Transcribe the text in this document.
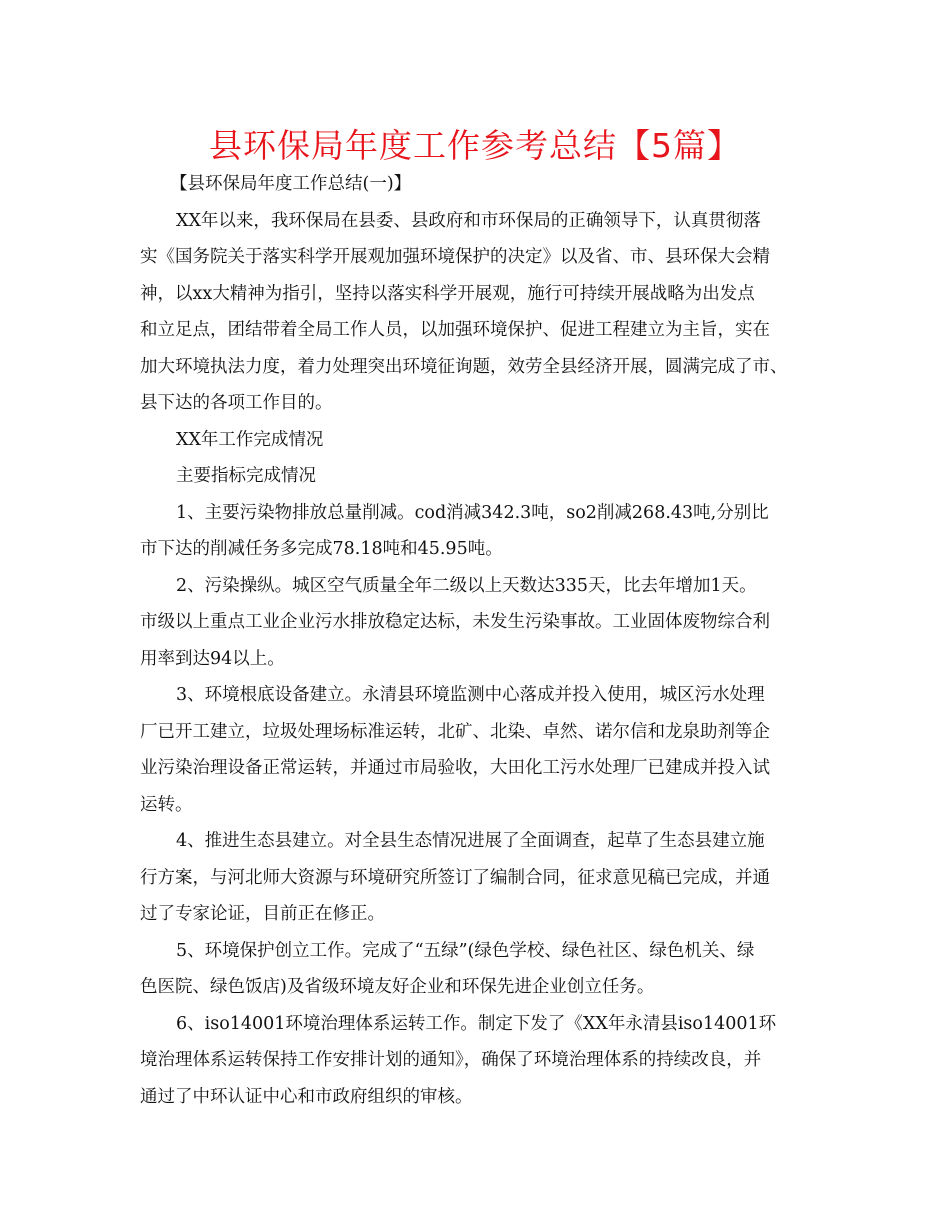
县环保局年度工作参考总结【5篇】

【县环保局年度工作总结(一)】

XX年以来，我环保局在县委、县政府和市环保局的正确领导下，认真贯彻落

实《国务院关于落实科学开展观加强环境保护的决定》以及省、市、县环保大会精

神，以xx大精神为指引，坚持以落实科学开展观，施行可持续开展战略为出发点

和立足点，团结带着全局工作人员，以加强环境保护、促进工程建立为主旨，实在

加大环境执法力度，着力处理突出环境征询题，效劳全县经济开展，圆满完成了市、

县下达的各项工作目的。

XX年工作完成情况

主要指标完成情况

1、主要污染物排放总量削减。cod消减342.3吨，so2削减268.43吨,分别比

市下达的削减任务多完成78.18吨和45.95吨。

2、污染操纵。城区空气质量全年二级以上天数达335天，比去年增加1天。

市级以上重点工业企业污水排放稳定达标，未发生污染事故。工业固体废物综合利

用率到达94以上。

3、环境根底设备建立。永清县环境监测中心落成并投入使用，城区污水处理

厂已开工建立，垃圾处理场标准运转，北矿、北染、卓然、诺尔信和龙泉助剂等企

业污染治理设备正常运转，并通过市局验收，大田化工污水处理厂已建成并投入试

运转。

4、推进生态县建立。对全县生态情况进展了全面调查，起草了生态县建立施

行方案，与河北师大资源与环境研究所签订了编制合同，征求意见稿已完成，并通

过了专家论证，目前正在修正。

5、环境保护创立工作。完成了“五绿”(绿色学校、绿色社区、绿色机关、绿

色医院、绿色饭店)及省级环境友好企业和环保先进企业创立任务。

6、iso14001环境治理体系运转工作。制定下发了《XX年永清县iso14001环

境治理体系运转保持工作安排计划的通知》，确保了环境治理体系的持续改良，并

通过了中环认证中心和市政府组织的审核。
